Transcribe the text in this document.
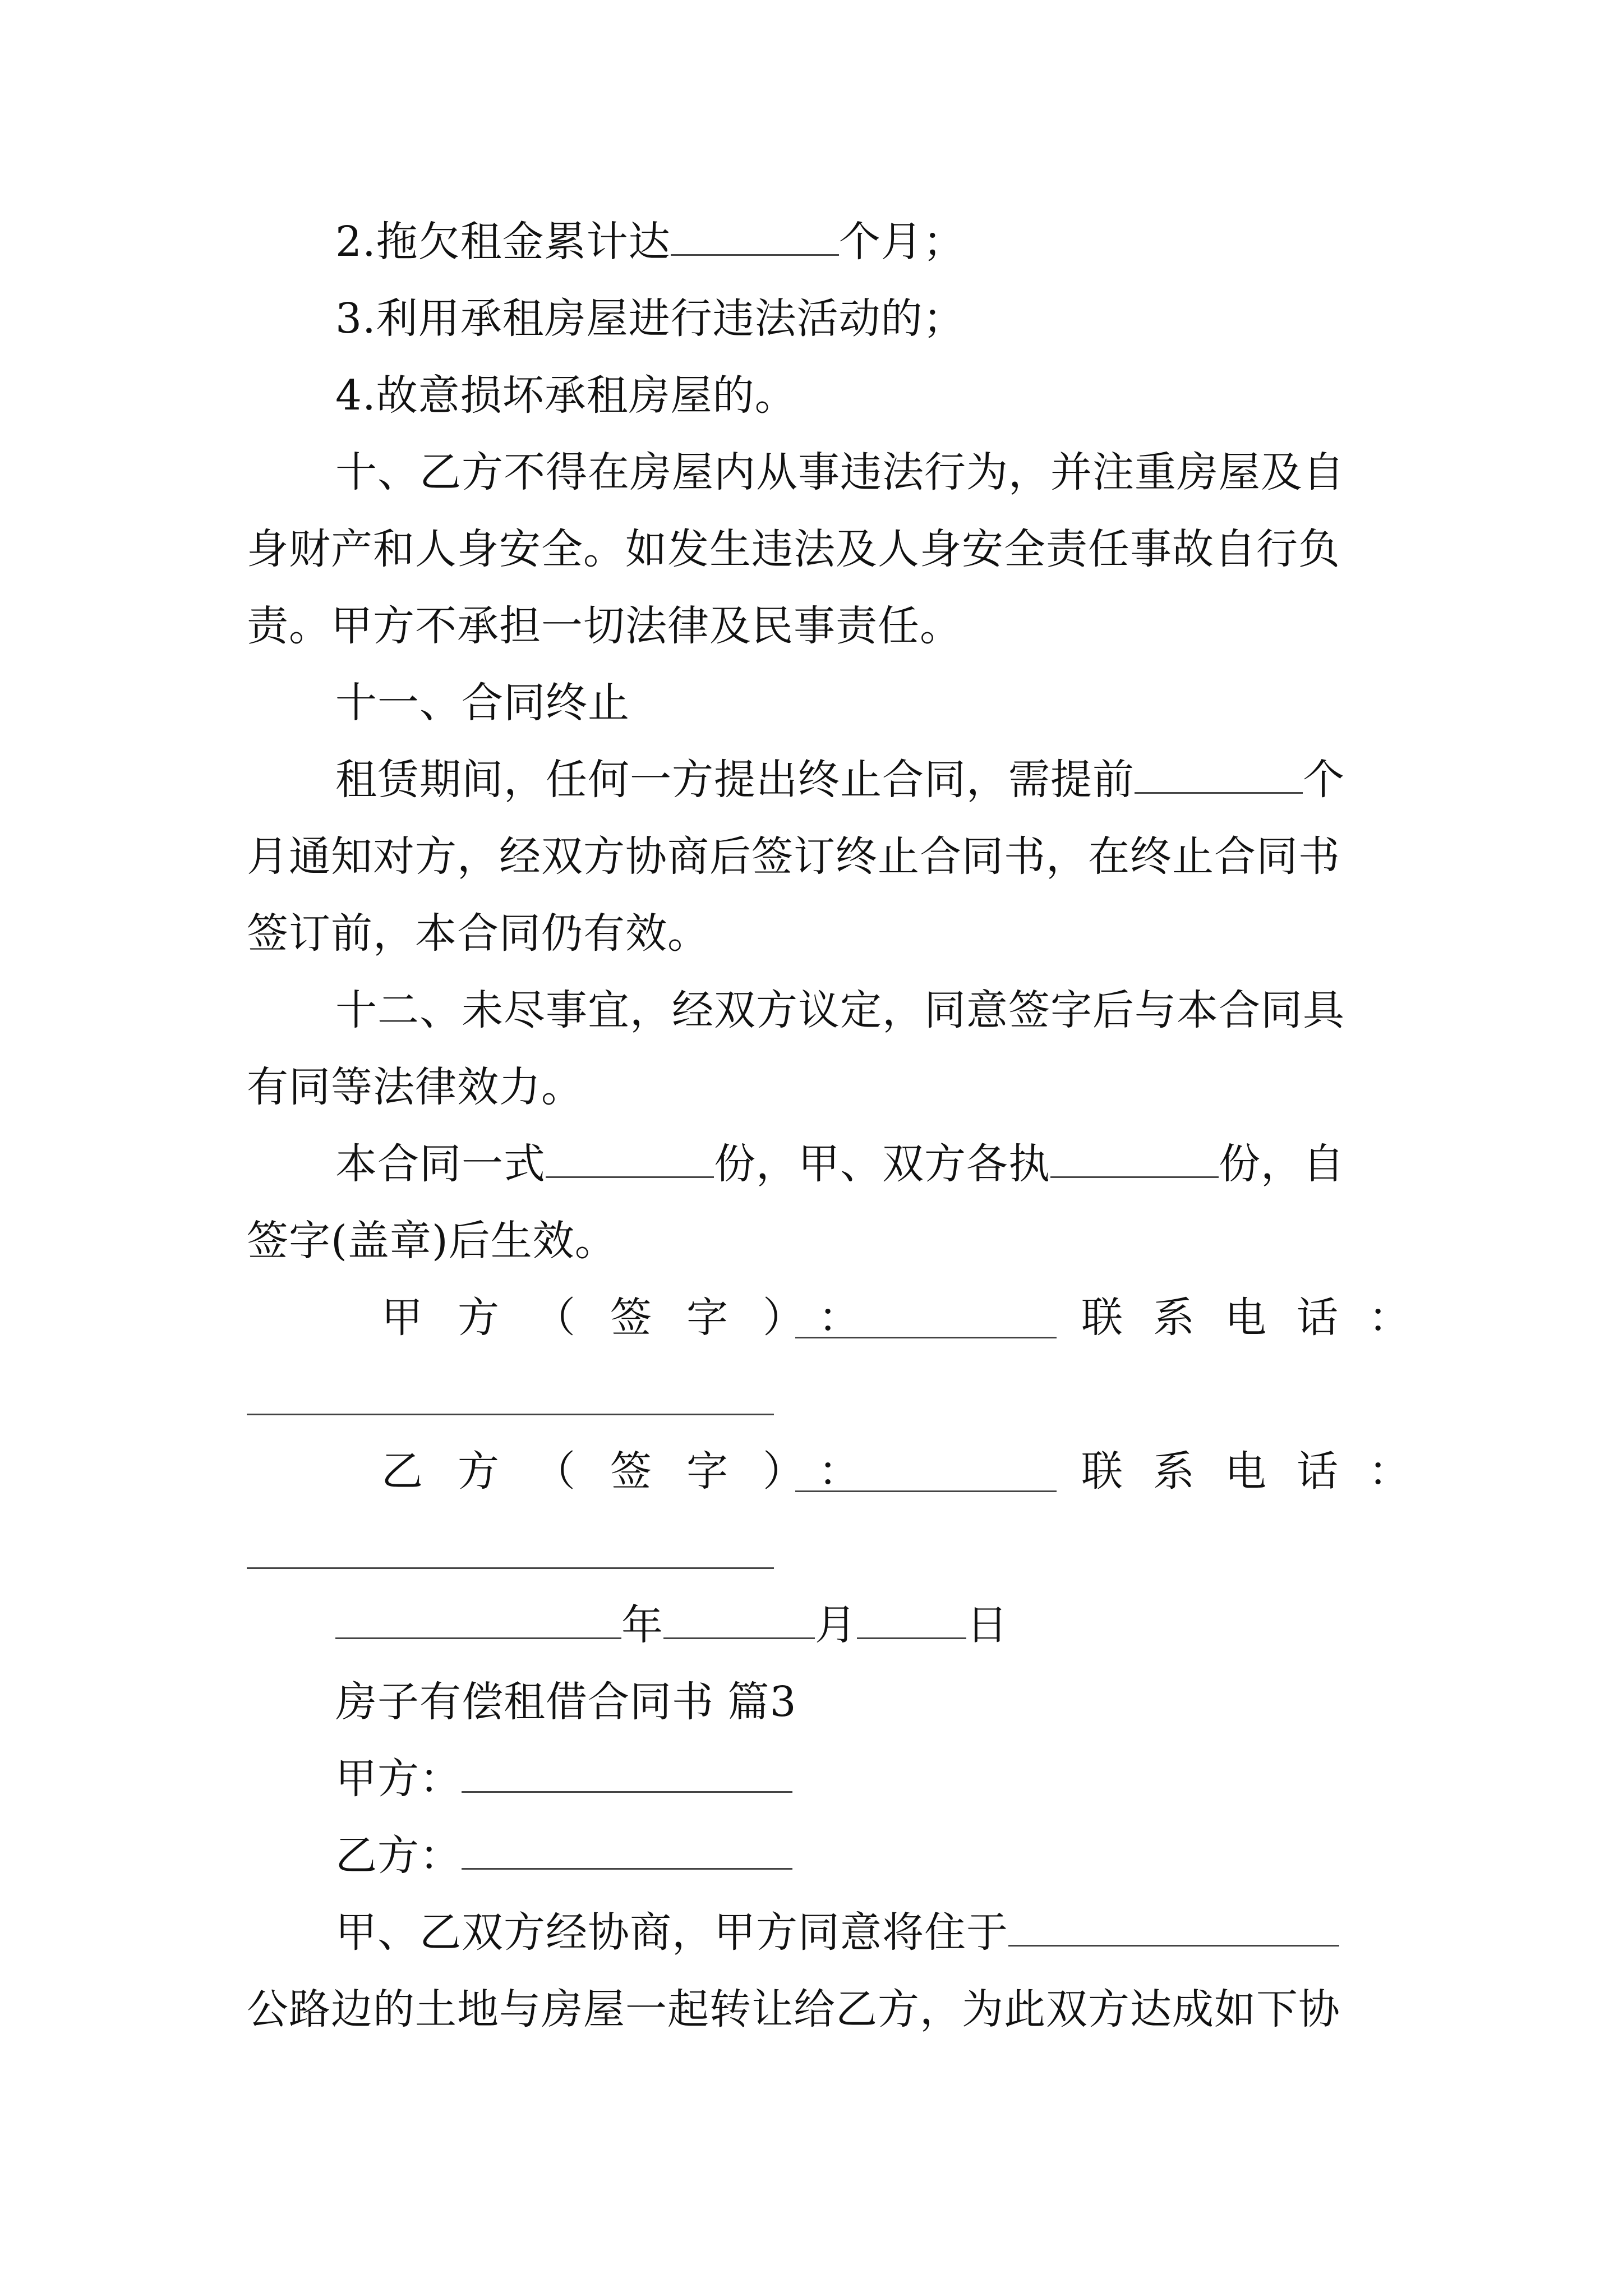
2.拖欠租金累计达	个月；
3.利用承租房屋进行违法活动的；
4.故意损坏承租房屋的。
十、乙方不得在房屋内从事违法行为，并注重房屋及自
身财产和人身安全。如发生违法及人身安全责任事故自行负
责。甲方不承担一切法律及民事责任。
十一、合同终止
租赁期间，任何一方提出终止合同，需提前	个
月通知对方，经双方协商后签订终止合同书，在终止合同书
签订前，本合同仍有效。
十二、未尽事宜，经双方议定，同意签字后与本合同具
有同等法律效力。
本合同一式	份，甲、双方各执	份，自
签字(盖章)后生效。
甲方（签字）：	联系电话：
乙方（签字）：	联系电话：
年	月	日
房子有偿租借合同书 篇3
甲方：
乙方：
甲、乙双方经协商，甲方同意将住于
公路边的土地与房屋一起转让给乙方，为此双方达成如下协
